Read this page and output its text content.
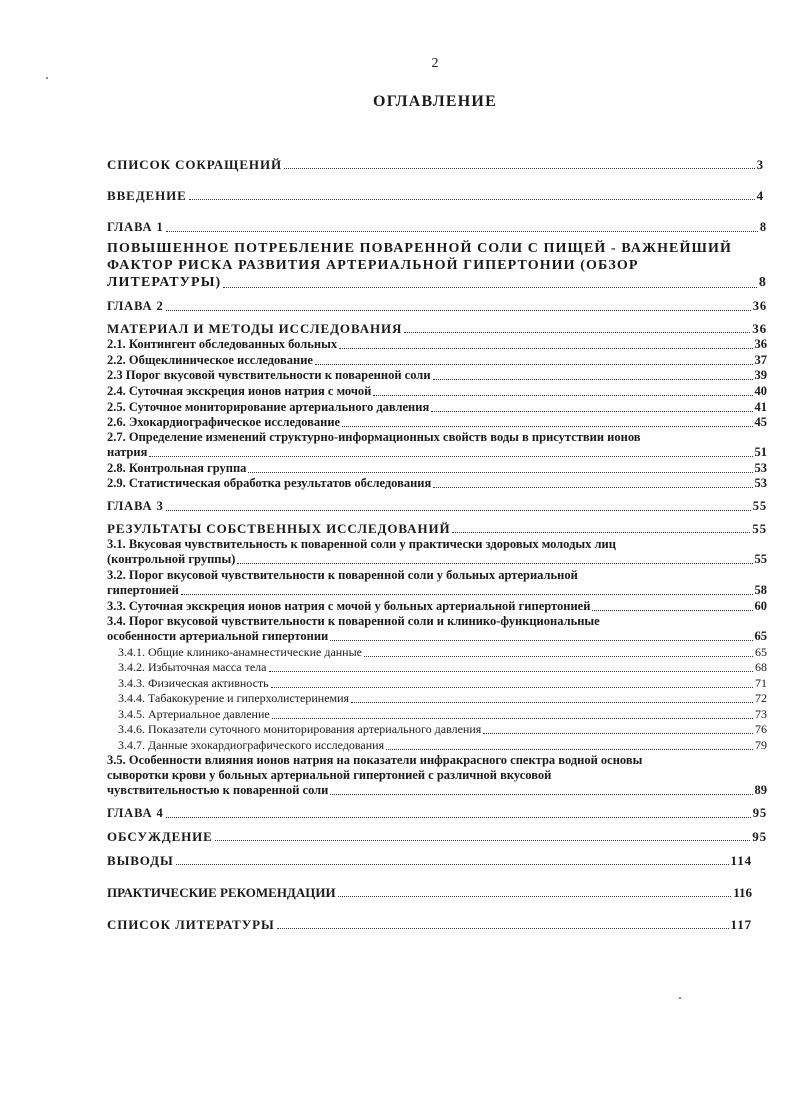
2
ОГЛАВЛЕНИЕ
СПИСОК СОКРАЩЕНИЙ	3
ВВЕДЕНИЕ	4
ГЛАВА 1	8
ПОВЫШЕННОЕ ПОТРЕБЛЕНИЕ ПОВАРЕННОЙ СОЛИ С ПИЩЕЙ - ВАЖНЕЙШИЙ
ФАКТОР РИСКА РАЗВИТИЯ АРТЕРИАЛЬНОЙ ГИПЕРТОНИИ (ОБЗОР
ЛИТЕРАТУРЫ)	8
ГЛАВА 2	36
МАТЕРИАЛ И МЕТОДЫ ИССЛЕДОВАНИЯ	36
2.1. Контингент обследованных больных	36
2.2. Общеклиническое исследование	37
2.3 Порог вкусовой чувствительности к поваренной соли	39
2.4. Суточная экскреция ионов натрия с мочой	40
2.5. Суточное мониторирование артериального давления	41
2.6. Эхокардиографическое исследование	45
2.7. Определение изменений структурно-информационных свойств воды в присутствии ионов
натрия	51
2.8. Контрольная группа	53
2.9. Статистическая обработка результатов обследования	53
ГЛАВА 3	55
РЕЗУЛЬТАТЫ СОБСТВЕННЫХ ИССЛЕДОВАНИЙ	55
3.1. Вкусовая чувствительность к поваренной соли у практически здоровых молодых лиц
(контрольной группы)	55
3.2. Порог вкусовой чувствительности к поваренной соли у больных артериальной
гипертонией	58
3.3. Суточная экскреция ионов натрия с мочой у больных артериальной гипертонией	60
3.4. Порог вкусовой чувствительности к поваренной соли и клинико-функциональные
особенности артериальной гипертонии	65
3.4.1. Общие клинико-анамнестические данные	65
3.4.2. Избыточная масса тела	68
3.4.3. Физическая активность	71
3.4.4. Табакокурение и гиперхолистеринемия	72
3.4.5. Артериальное давление	73
3.4.6. Показатели суточного мониторирования артериального давления	76
3.4.7. Данные эхокардиографического исследования	79
3.5. Особенности влияния ионов натрия на показатели инфракрасного спектра водной основы
сыворотки крови у больных артериальной гипертонией с различной вкусовой
чувствительностью к поваренной соли	89
ГЛАВА 4	95
ОБСУЖДЕНИЕ	95
ВЫВОДЫ	114
ПРАКТИЧЕСКИЕ РЕКОМЕНДАЦИИ	116
СПИСОК ЛИТЕРАТУРЫ	117
